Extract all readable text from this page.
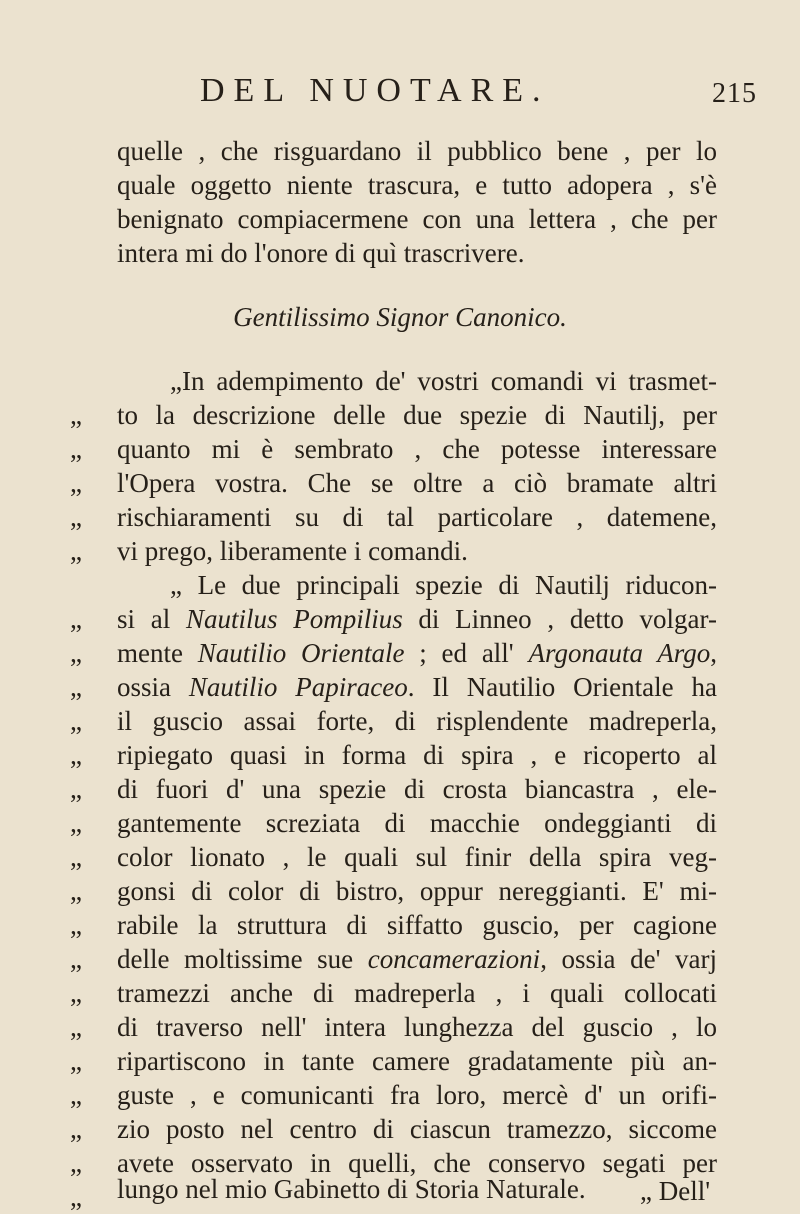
DEL NUOTARE.	215
quelle , che risguardano il pubblico bene , per lo
quale oggetto niente trascura, e tutto adopera , s'è
benignato compiacermene con una lettera , che per
intera mi do l'onore di quì trascrivere.
Gentilissimo Signor Canonico.
„In adempimento de' vostri comandi vi trasmet-
„ to la descrizione delle due spezie di Nautilj, per
„ quanto mi è sembrato , che potesse interessare
„ l'Opera vostra. Che se oltre a ciò bramate altri
„ rischiaramenti su di tal particolare , datemene,
„ vi prego, liberamente i comandi.
„ Le due principali spezie di Nautilj riducon-
„ si al Nautilus Pompilius di Linneo , detto volgar-
„ mente Nautilio Orientale ; ed all' Argonauta Argo,
„ ossia Nautilio Papiraceo. Il Nautilio Orientale ha
„ il guscio assai forte, di risplendente madreperla,
„ ripiegato quasi in forma di spira , e ricoperto al
„ di fuori d' una spezie di crosta biancastra , ele-
„ gantemente screziata di macchie ondeggianti di
„ color lionato , le quali sul finir della spira veg-
„ gonsi di color di bistro, oppur nereggianti. E' mi-
„ rabile la struttura di siffatto guscio, per cagione
„ delle moltissime sue concamerazioni, ossia de' varj
„ tramezzi anche di madreperla , i quali collocati
„ di traverso nell' intera lunghezza del guscio , lo
„ ripartiscono in tante camere gradatamente più an-
„ guste , e comunicanti fra loro, mercè d' un orifi-
„ zio posto nel centro di ciascun tramezzo, siccome
„ avete osservato in quelli, che conservo segati per
„ lungo nel mio Gabinetto di Storia Naturale. „ Dell'
